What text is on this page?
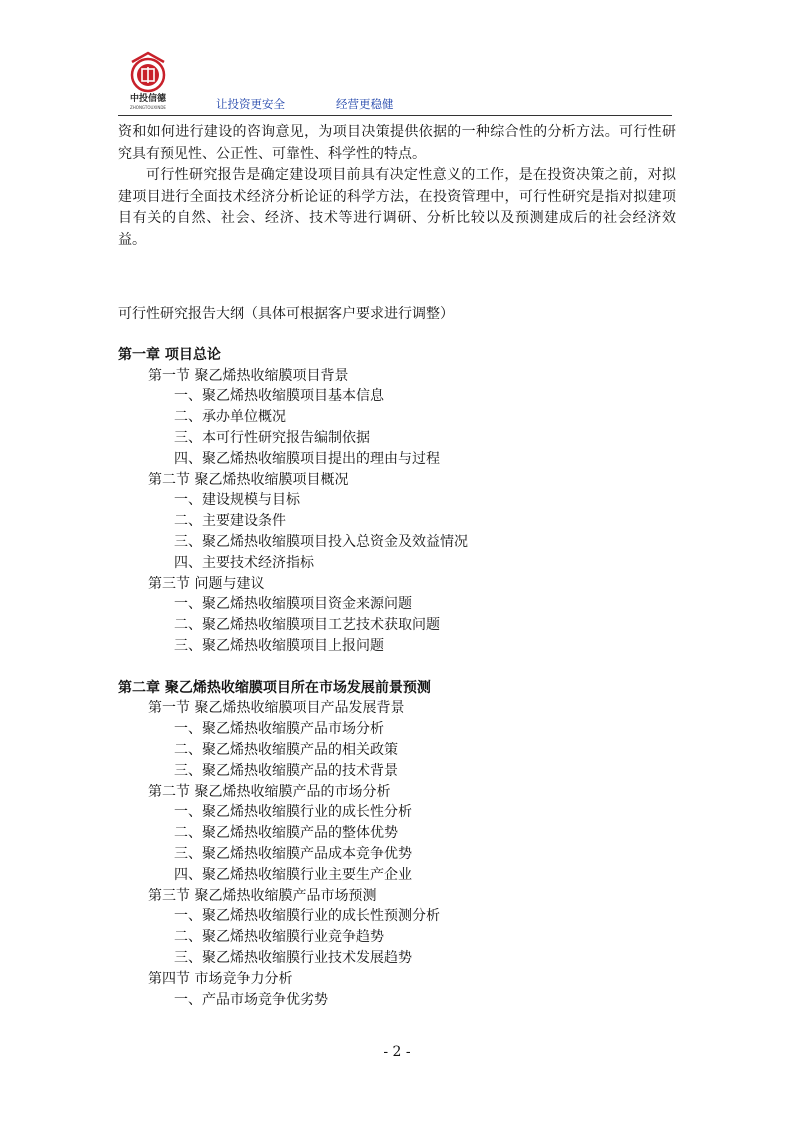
中投信德
ZHONGTOUXINDE	让投资更安全	经营更稳健

资和如何进行建设的咨询意见，为项目决策提供依据的一种综合性的分析方法。可行性研究具有预见性、公正性、可靠性、科学性的特点。

可行性研究报告是确定建设项目前具有决定性意义的工作，是在投资决策之前，对拟建项目进行全面技术经济分析论证的科学方法，在投资管理中，可行性研究是指对拟建项目有关的自然、社会、经济、技术等进行调研、分析比较以及预测建成后的社会经济效益。

可行性研究报告大纲（具体可根据客户要求进行调整）

第一章 项目总论

第一节 聚乙烯热收缩膜项目背景

一、聚乙烯热收缩膜项目基本信息

二、承办单位概况

三、本可行性研究报告编制依据

四、聚乙烯热收缩膜项目提出的理由与过程

第二节 聚乙烯热收缩膜项目概况

一、建设规模与目标

二、主要建设条件

三、聚乙烯热收缩膜项目投入总资金及效益情况

四、主要技术经济指标

第三节 问题与建议

一、聚乙烯热收缩膜项目资金来源问题

二、聚乙烯热收缩膜项目工艺技术获取问题

三、聚乙烯热收缩膜项目上报问题

第二章 聚乙烯热收缩膜项目所在市场发展前景预测

第一节 聚乙烯热收缩膜项目产品发展背景

一、聚乙烯热收缩膜产品市场分析

二、聚乙烯热收缩膜产品的相关政策

三、聚乙烯热收缩膜产品的技术背景

第二节 聚乙烯热收缩膜产品的市场分析

一、聚乙烯热收缩膜行业的成长性分析

二、聚乙烯热收缩膜产品的整体优势

三、聚乙烯热收缩膜产品成本竞争优势

四、聚乙烯热收缩膜行业主要生产企业

第三节 聚乙烯热收缩膜产品市场预测

一、聚乙烯热收缩膜行业的成长性预测分析

二、聚乙烯热收缩膜行业竞争趋势

三、聚乙烯热收缩膜行业技术发展趋势

第四节 市场竞争力分析

一、产品市场竞争优劣势

- 2 -
